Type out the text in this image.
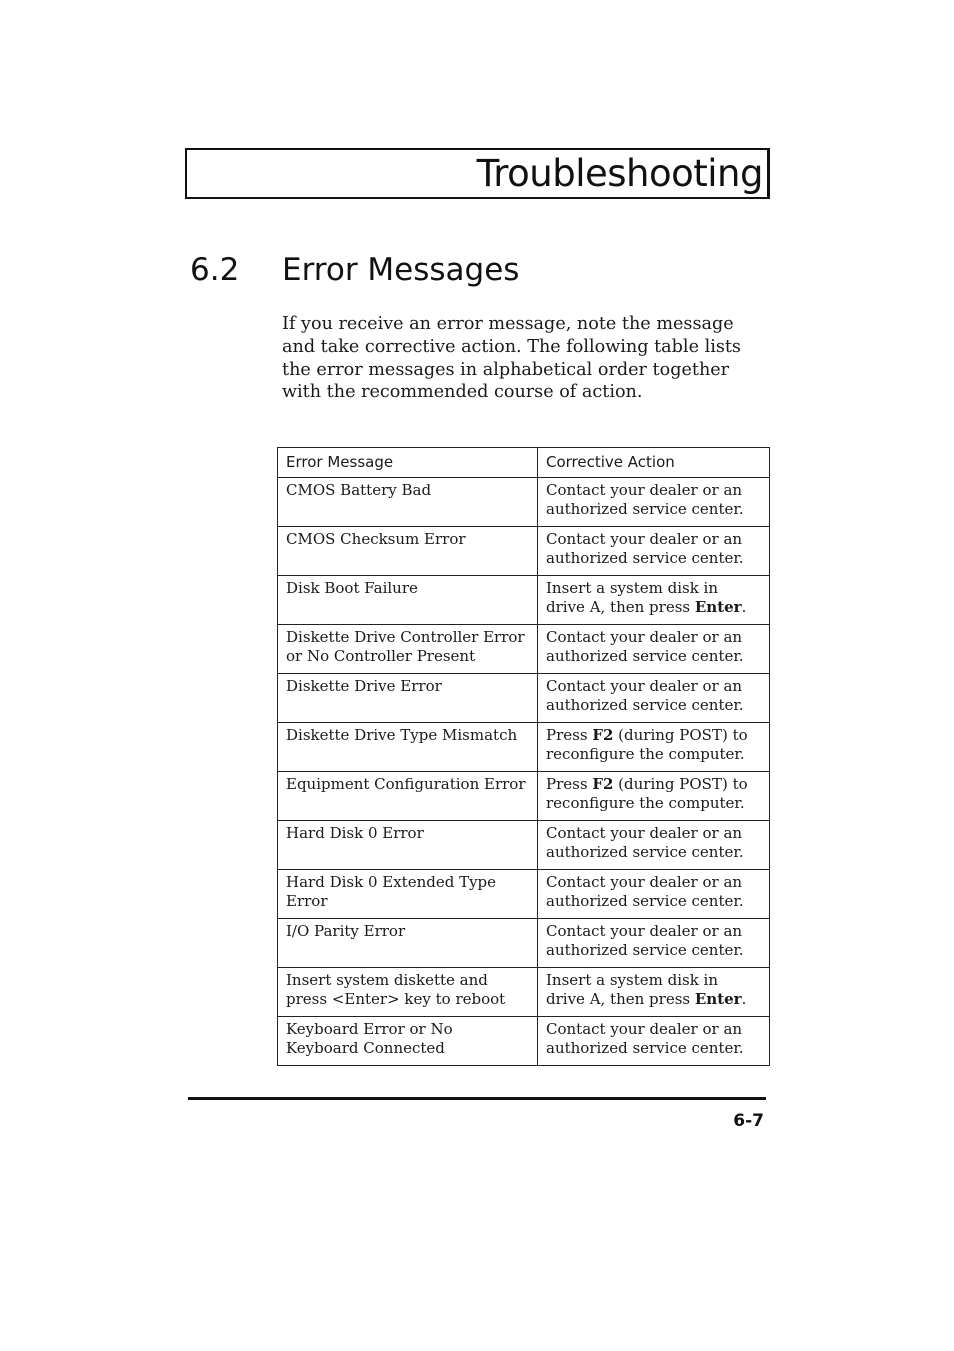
Troubleshooting
6.2 Error Messages

If you receive an error message, note the message and take corrective action. The following table lists the error messages in alphabetical order together with the recommended course of action.

Error Message	Corrective Action
CMOS Battery Bad	Contact your dealer or an authorized service center.
CMOS Checksum Error	Contact your dealer or an authorized service center.
Disk Boot Failure	Insert a system disk in drive A, then press Enter.
Diskette Drive Controller Error or No Controller Present	Contact your dealer or an authorized service center.
Diskette Drive Error	Contact your dealer or an authorized service center.
Diskette Drive Type Mismatch	Press F2 (during POST) to reconfigure the computer.
Equipment Configuration Error	Press F2 (during POST) to reconfigure the computer.
Hard Disk 0 Error	Contact your dealer or an authorized service center.
Hard Disk 0 Extended Type Error	Contact your dealer or an authorized service center.
I/O Parity Error	Contact your dealer or an authorized service center.
Insert system diskette and press <Enter> key to reboot	Insert a system disk in drive A, then press Enter.
Keyboard Error or No Keyboard Connected	Contact your dealer or an authorized service center.
6-7
